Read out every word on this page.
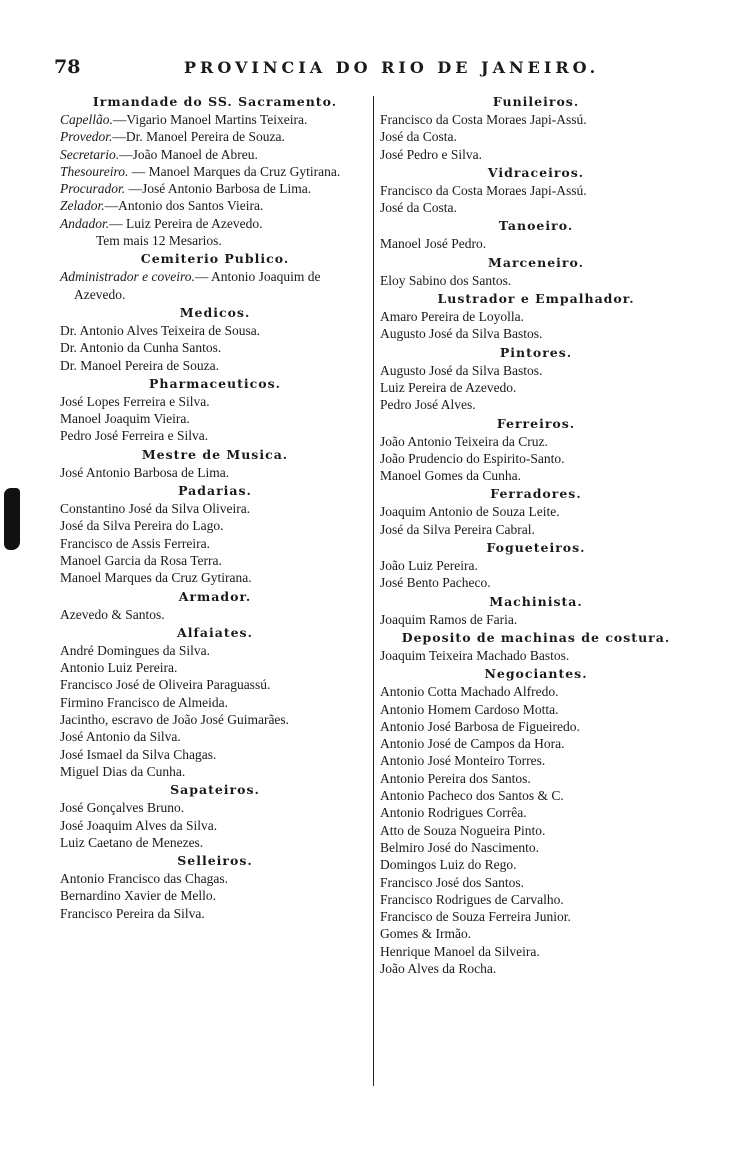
78	PROVINCIA DO RIO DE JANEIRO.
Irmandade do SS. Sacramento.
Capellão.—Vigario Manoel Martins Teixeira.
Provedor.—Dr. Manoel Pereira de Souza.
Secretario.—João Manoel de Abreu.
Thesoureiro. — Manoel Marques da Cruz Gytirana.
Procurador. —José Antonio Barbosa de Lima.
Zelador.—Antonio dos Santos Vieira.
Andador.— Luiz Pereira de Azevedo.
Tem mais 12 Mesarios.
Cemiterio Publico.
Administrador e coveiro.— Antonio Joaquim de Azevedo.
Medicos.
Dr. Antonio Alves Teixeira de Sousa.
Dr. Antonio da Cunha Santos.
Dr. Manoel Pereira de Souza.
Pharmaceuticos.
José Lopes Ferreira e Silva.
Manoel Joaquim Vieira.
Pedro José Ferreira e Silva.
Mestre de Musica.
José Antonio Barbosa de Lima.
Padarias.
Constantino José da Silva Oliveira.
José da Silva Pereira do Lago.
Francisco de Assis Ferreira.
Manoel Garcia da Rosa Terra.
Manoel Marques da Cruz Gytirana.
Armador.
Azevedo & Santos.
Alfaiates.
André Domingues da Silva.
Antonio Luiz Pereira.
Francisco José de Oliveira Paraguassú.
Firmino Francisco de Almeida.
Jacintho, escravo de João José Guimarães.
José Antonio da Silva.
José Ismael da Silva Chagas.
Miguel Dias da Cunha.
Sapateiros.
José Gonçalves Bruno.
José Joaquim Alves da Silva.
Luiz Caetano de Menezes.
Selleiros.
Antonio Francisco das Chagas.
Bernardino Xavier de Mello.
Francisco Pereira da Silva.
Funileiros.
Francisco da Costa Moraes Japi-Assú.
José da Costa.
José Pedro e Silva.
Vidraceiros.
Francisco da Costa Moraes Japi-Assú.
José da Costa.
Tanoeiro.
Manoel José Pedro.
Marceneiro.
Eloy Sabino dos Santos.
Lustrador e Empalhador.
Amaro Pereira de Loyolla.
Augusto José da Silva Bastos.
Pintores.
Augusto José da Silva Bastos.
Luiz Pereira de Azevedo.
Pedro José Alves.
Ferreiros.
João Antonio Teixeira da Cruz.
João Prudencio do Espirito-Santo.
Manoel Gomes da Cunha.
Ferradores.
Joaquim Antonio de Souza Leite.
José da Silva Pereira Cabral.
Fogueteiros.
João Luiz Pereira.
José Bento Pacheco.
Machinista.
Joaquim Ramos de Faria.
Deposito de machinas de costura.
Joaquim Teixeira Machado Bastos.
Negociantes.
Antonio Cotta Machado Alfredo.
Antonio Homem Cardoso Motta.
Antonio José Barbosa de Figueiredo.
Antonio José de Campos da Hora.
Antonio José Monteiro Torres.
Antonio Pereira dos Santos.
Antonio Pacheco dos Santos & C.
Antonio Rodrigues Corrêa.
Atto de Souza Nogueira Pinto.
Belmiro José do Nascimento.
Domingos Luiz do Rego.
Francisco José dos Santos.
Francisco Rodrigues de Carvalho.
Francisco de Souza Ferreira Junior.
Gomes & Irmão.
Henrique Manoel da Silveira.
João Alves da Rocha.
